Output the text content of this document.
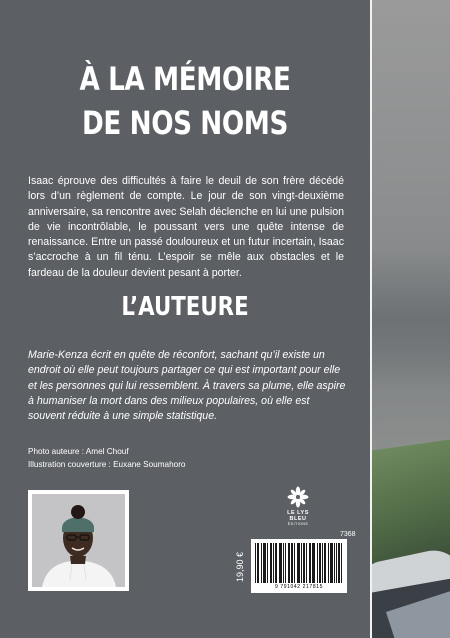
À LA MÉMOIRE
DE NOS NOMS

Isaac éprouve des difficultés à faire le deuil de son frère décédé lors d’un règlement de compte. Le jour de son vingt-deuxième anniversaire, sa rencontre avec Selah déclenche en lui une pulsion de vie incontrôlable, le poussant vers une quête intense de renaissance. Entre un passé douloureux et un futur incertain, Isaac s’accroche à un fil ténu. L’espoir se mêle aux obstacles et le fardeau de la douleur devient pesant à porter.

L’AUTEURE

Marie-Kenza écrit en quête de réconfort, sachant qu’il existe un endroit où elle peut toujours partager ce qui est important pour elle et les personnes qui lui ressemblent. À travers sa plume, elle aspire à humaniser la mort dans des milieux populaires, où elle est souvent réduite à une simple statistique.

Photo auteure : Amel Chouf
Illustration couverture : Euxane Soumahoro
LE LYS BLEU
ÉDITIONS
7368
19,90 €
9 791042 217815
